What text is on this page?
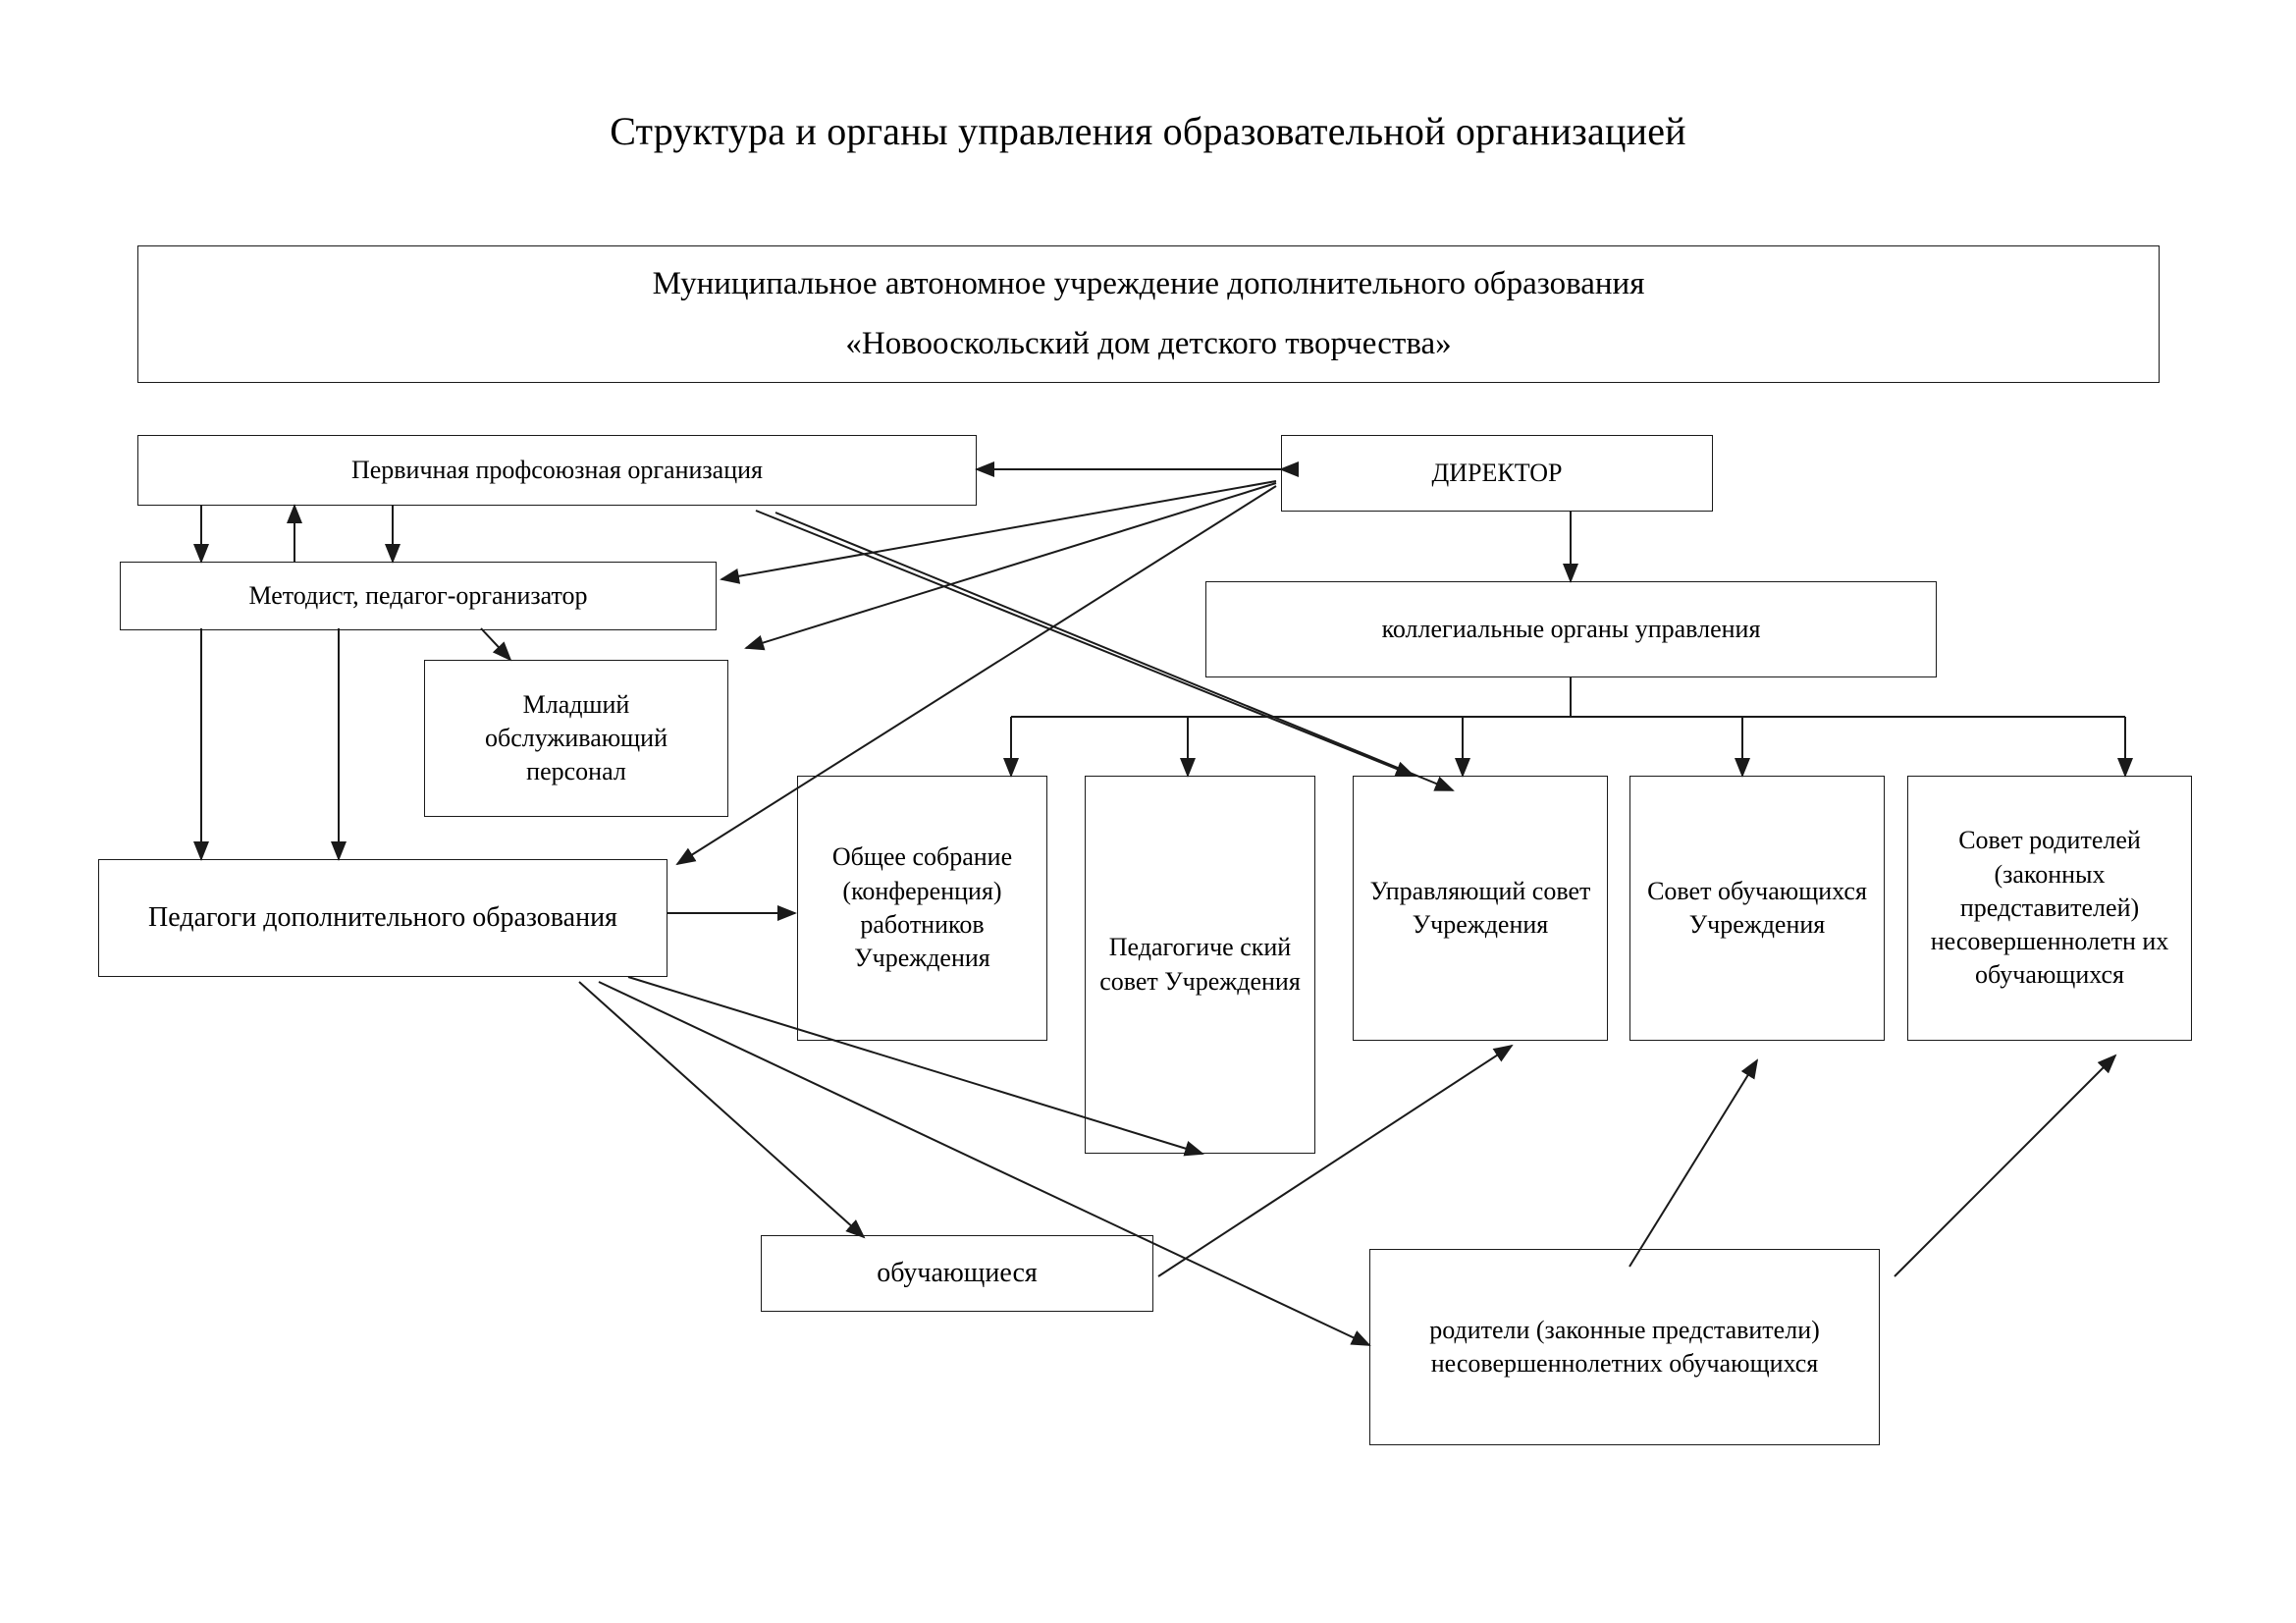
Структура и органы управления образовательной организацией
Муниципальное автономное учреждение дополнительного образования
«Новооскольский дом детского творчества»
Первичная профсоюзная организация	ДИРЕКТОР
Методист, педагог-организатор
коллегиальные органы управления
Младший обслуживающий персонал
Педагоги дополнительного образования
Общее собрание (конференция) работников Учреждения	Педагогиче ский совет Учреждения
Управляющий совет Учреждения
Совет обучающихся Учреждения
Совет родителей (законных представителей) несовершеннолетн их обучающихся
обучающиеся
родители (законные представители) несовершеннолетних обучающихся
